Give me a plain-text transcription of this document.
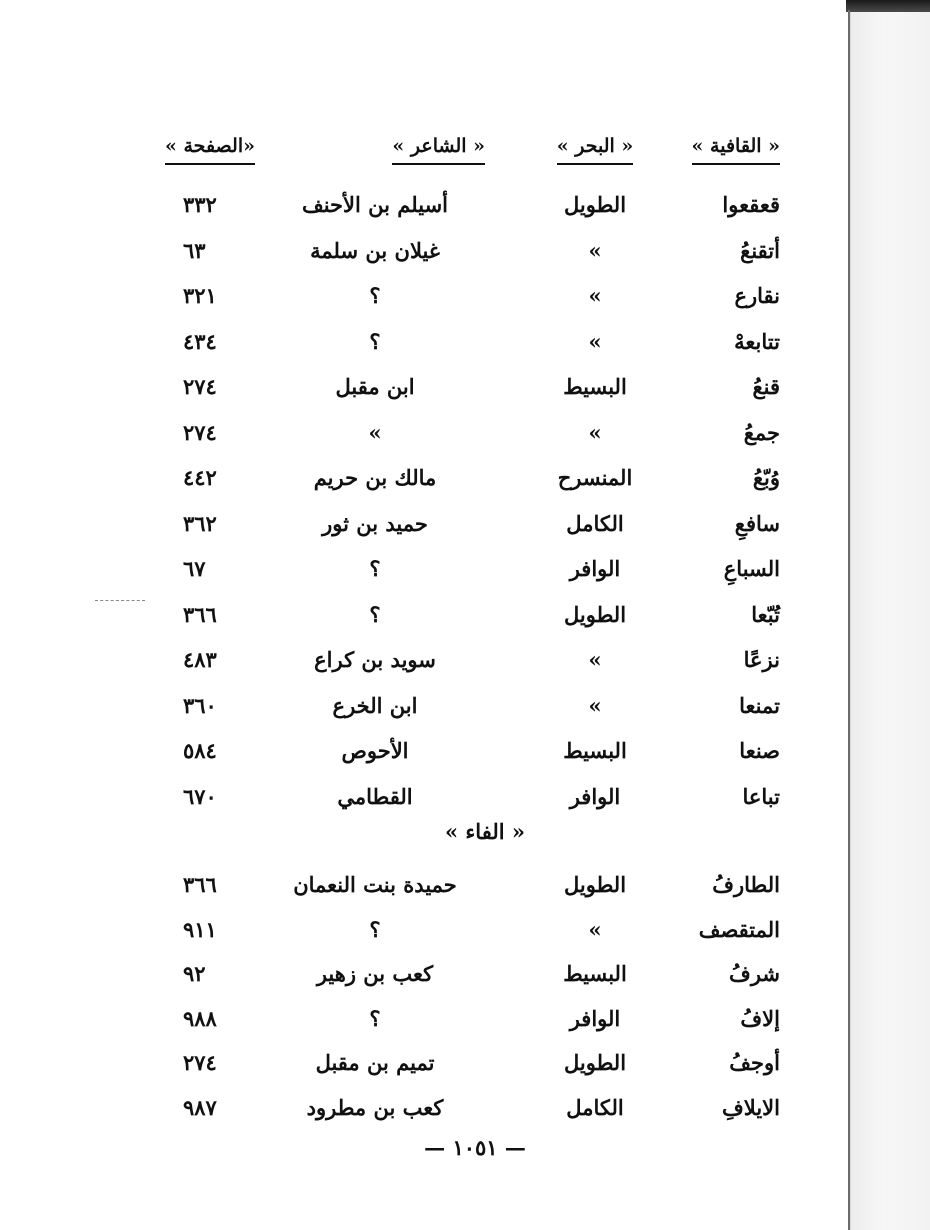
« القافية »
« البحر »
« الشاعر »
«الصفحة »
قعقعوا
الطويل
أسيلم بن الأحنف
٣٣٢
أتقنعُ
»
غيلان بن سلمة
٦٣
نقارع
»
؟
٣٢١
تتابعهْ
»
؟
٤٣٤
قنعُ
البسيط
ابن مقبل
٢٧٤
جمعُ
»
»
٢٧٤
وُبّعُ
المنسرح
مالك بن حريم
٤٤٢
سافعِ
الكامل
حميد بن ثور
٣٦٢
السباعِ
الوافر
؟
٦٧
تُبّعا
الطويل
؟
٣٦٦
نزعًا
»
سويد بن كراع
٤٨٣
تمنعا
»
ابن الخرع
٣٦٠
صنعا
البسيط
الأحوص
٥٨٤
تباعا
الوافر
القطامي
٦٧٠
« الفاء »
الطارفُ
الطويل
حميدة بنت النعمان
٣٦٦
المتقصف
»
؟
٩١١
شرفُ
البسيط
كعب بن زهير
٩٢
إلافُ
الوافر
؟
٩٨٨
أوجفُ
الطويل
تميم بن مقبل
٢٧٤
الايلافِ
الكامل
كعب بن مطرود
٩٨٧
— ١٠٥١ —
